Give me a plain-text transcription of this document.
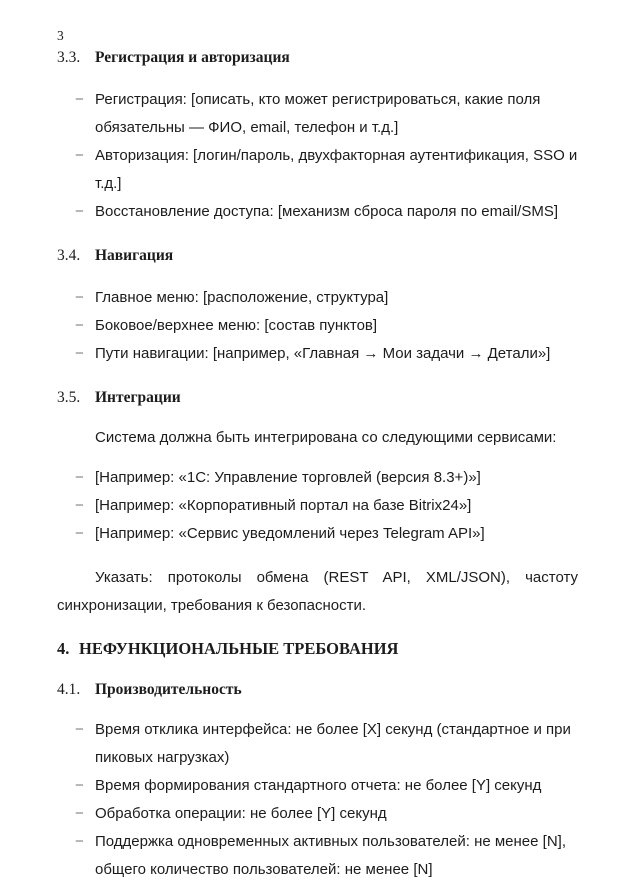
3
3.3. Регистрация и авторизация
− Регистрация: [описать, кто может регистрироваться, какие поля обязательны — ФИО, email, телефон и т.д.]
− Авторизация: [логин/пароль, двухфакторная аутентификация, SSO и т.д.]
− Восстановление доступа: [механизм сброса пароля по email/SMS]
3.4. Навигация
− Главное меню: [расположение, структура]
− Боковое/верхнее меню: [состав пунктов]
− Пути навигации: [например, «Главная → Мои задачи → Детали»]
3.5. Интеграции

Система должна быть интегрирована со следующими сервисами:

− [Например: «1С: Управление торговлей (версия 8.3+)»]
− [Например: «Корпоративный портал на базе Bitrix24»]
− [Например: «Сервис уведомлений через Telegram API»]

Указать: протоколы обмена (REST API, XML/JSON), частоту синхронизации, требования к безопасности.

4. НЕФУНКЦИОНАЛЬНЫЕ ТРЕБОВАНИЯ
4.1. Производительность
− Время отклика интерфейса: не более [X] секунд (стандартное и при пиковых нагрузках)
− Время формирования стандартного отчета: не более [Y] секунд
− Обработка операции: не более [Y] секунд
− Поддержка одновременных активных пользователей: не менее [N], общего количество пользователей: не менее [N]
